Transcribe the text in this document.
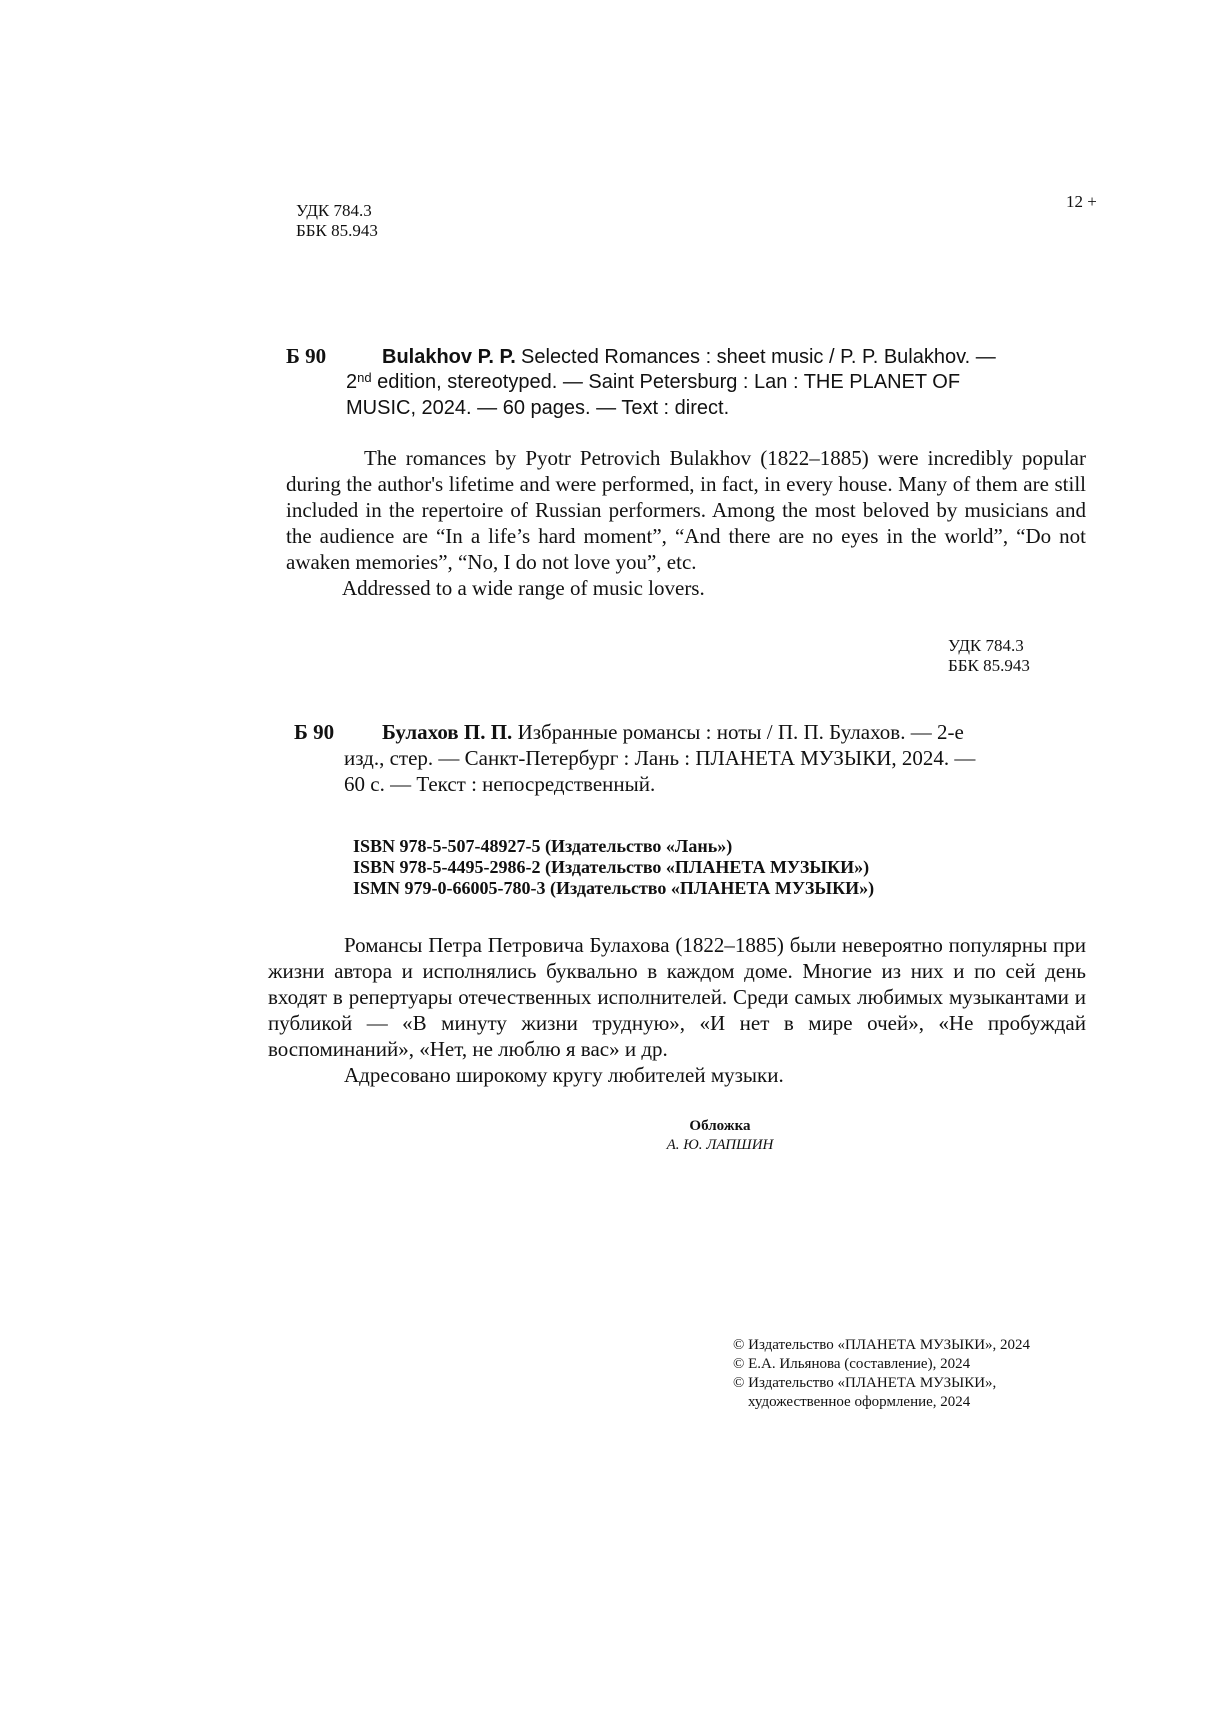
УДК 784.3
ББК 85.943
12 +
Б 90	Bulakhov P. P. Selected Romances : sheet music / P. P. Bulakhov. —
2nd edition, stereotyped. — Saint Petersburg : Lan : THE PLANET OF
MUSIC, 2024. — 60 pages. — Text : direct.

The romances by Pyotr Petrovich Bulakhov (1822–1885) were incredibly popular during the author's lifetime and were performed, in fact, in every house. Many of them are still included in the repertoire of Russian performers. Among the most beloved by musicians and the audience are “In a life’s hard moment”, “And there are no eyes in the world”, “Do not awaken memories”, “No, I do not love you”, etc.

Addressed to a wide range of music lovers.

УДК 784.3
ББК 85.943
Б 90 Булахов П. П. Избранные романсы : ноты / П. П. Булахов. — 2-е
изд., стер. — Санкт-Петербург : Лань : ПЛАНЕТА МУЗЫКИ, 2024. —
60 с. — Текст : непосредственный.
ISBN 978-5-507-48927-5 (Издательство «Лань»)
ISBN 978-5-4495-2986-2 (Издательство «ПЛАНЕТА МУЗЫКИ»)
ISMN 979-0-66005-780-3 (Издательство «ПЛАНЕТА МУЗЫКИ»)

Романсы Петра Петровича Булахова (1822–1885) были невероятно популярны при жизни автора и исполнялись буквально в каждом доме. Многие из них и по сей день входят в репертуары отечественных исполнителей. Среди самых любимых музыкантами и публикой — «В минуту жизни трудную», «И нет в мире очей», «Не пробуждай воспоминаний», «Нет, не люблю я вас» и др.

Адресовано широкому кругу любителей музыки.

Обложка
А. Ю. ЛАПШИН
© Издательство «ПЛАНЕТА МУЗЫКИ», 2024
© Е.А. Ильянова (составление), 2024
© Издательство «ПЛАНЕТА МУЗЫКИ»,
художественное оформление, 2024
